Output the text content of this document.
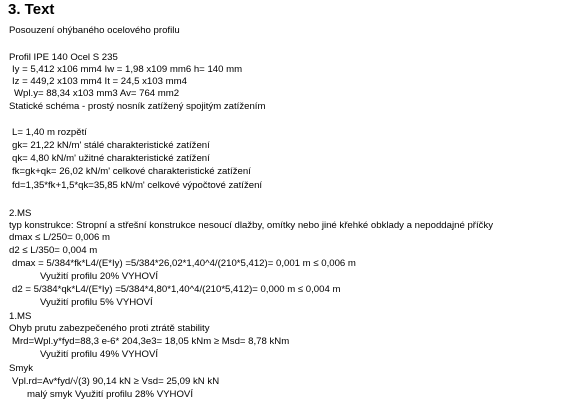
3. Text
Posouzení ohýbaného ocelového profilu
Profil IPE 140 Ocel S 235
Iy = 5,412 x106 mm4 Iw = 1,98 x109 mm6 h= 140 mm
Iz = 449,2 x103 mm4 It = 24,5 x103 mm4
Wpl.y= 88,34 x103 mm3 Av= 764 mm2
Statické schéma - prostý nosník zatížený spojitým zatížením
L= 1,40 m rozpětí
gk= 21,22 kN/m' stálé charakteristické zatížení
qk= 4,80 kN/m' užitné charakteristické zatížení
fk=gk+qk= 26,02 kN/m' celkové charakteristické zatížení
fd=1,35*fk+1,5*qk=35,85 kN/m' celkové výpočtové zatížení
2.MS
typ konstrukce: Stropní a střešní konstrukce nesoucí dlažby, omítky nebo jiné křehké obklady a nepoddajné příčky
dmax ≤ L/250= 0,006 m
d2 ≤ L/350= 0,004 m
dmax = 5/384*fk*L4/(E*Iy) =5/384*26,02*1,40^4/(210*5,412)= 0,001 m ≤ 0,006 m
Využití profilu 20% VYHOVÍ
d2 = 5/384*qk*L4/(E*Iy) =5/384*4,80*1,40^4/(210*5,412)= 0,000 m ≤ 0,004 m
Využití profilu 5% VYHOVÍ
1.MS
Ohyb prutu zabezpečeného proti ztrátě stability
Mrd=Wpl.y*fyd=88,3 e-6* 204,3e3= 18,05 kNm ≥ Msd= 8,78 kNm
Využití profilu 49% VYHOVÍ
Smyk
Vpl.rd=Av*fyd/√(3) 90,14 kN ≥ Vsd= 25,09 kN kN
malý smyk Využití profilu 28% VYHOVÍ
